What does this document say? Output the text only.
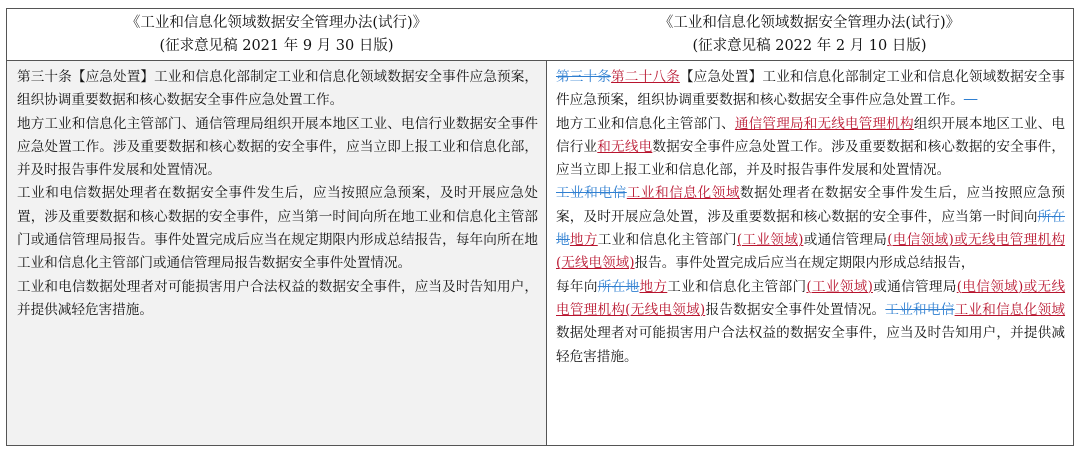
《工业和信息化领域数据安全管理办法(试行)》
(征求意见稿 2021 年 9 月 30 日版)

第三十条【应急处置】工业和信息化部制定工业和信息化领域数据安全事件应急预案，组织协调重要数据和核心数据安全事件应急处置工作。

地方工业和信息化主管部门、通信管理局组织开展本地区工业、电信行业数据安全事件应急处置工作。涉及重要数据和核心数据的安全事件，应当立即上报工业和信息化部，并及时报告事件发展和处置情况。

工业和电信数据处理者在数据安全事件发生后，应当按照应急预案，及时开展应急处置，涉及重要数据和核心数据的安全事件，应当第一时间向所在地工业和信息化主管部门或通信管理局报告。事件处置完成后应当在规定期限内形成总结报告，每年向所在地工业和信息化主管部门或通信管理局报告数据安全事件处置情况。

工业和电信数据处理者对可能损害用户合法权益的数据安全事件，应当及时告知用户，并提供减轻危害措施。

《工业和信息化领域数据安全管理办法(试行)》
(征求意见稿 2022 年 2 月 10 日版)

第三十条第二十八条【应急处置】工业和信息化部制定工业和信息化领域数据安全事件应急预案，组织协调重要数据和核心数据安全事件应急处置工作。  

地方工业和信息化主管部门、通信管理局和无线电管理机构组织开展本地区工业、电信行业和无线电数据安全事件应急处置工作。涉及重要数据和核心数据的安全事件，应当立即上报工业和信息化部，并及时报告事件发展和处置情况。

工业和电信工业和信息化领域数据处理者在数据安全事件发生后，应当按照应急预案，及时开展应急处置，涉及重要数据和核心数据的安全事件，应当第一时间向所在地地方工业和信息化主管部门(工业领域)或通信管理局(电信领域)或无线电管理机构(无线电领域)报告。事件处置完成后应当在规定期限内形成总结报告，

每年向所在地地方工业和信息化主管部门(工业领域)或通信管理局(电信领域)或无线电管理机构(无线电领域)报告数据安全事件处置情况。工业和电信工业和信息化领域数据处理者对可能损害用户合法权益的数据安全事件，应当及时告知用户，并提供减轻危害措施。
